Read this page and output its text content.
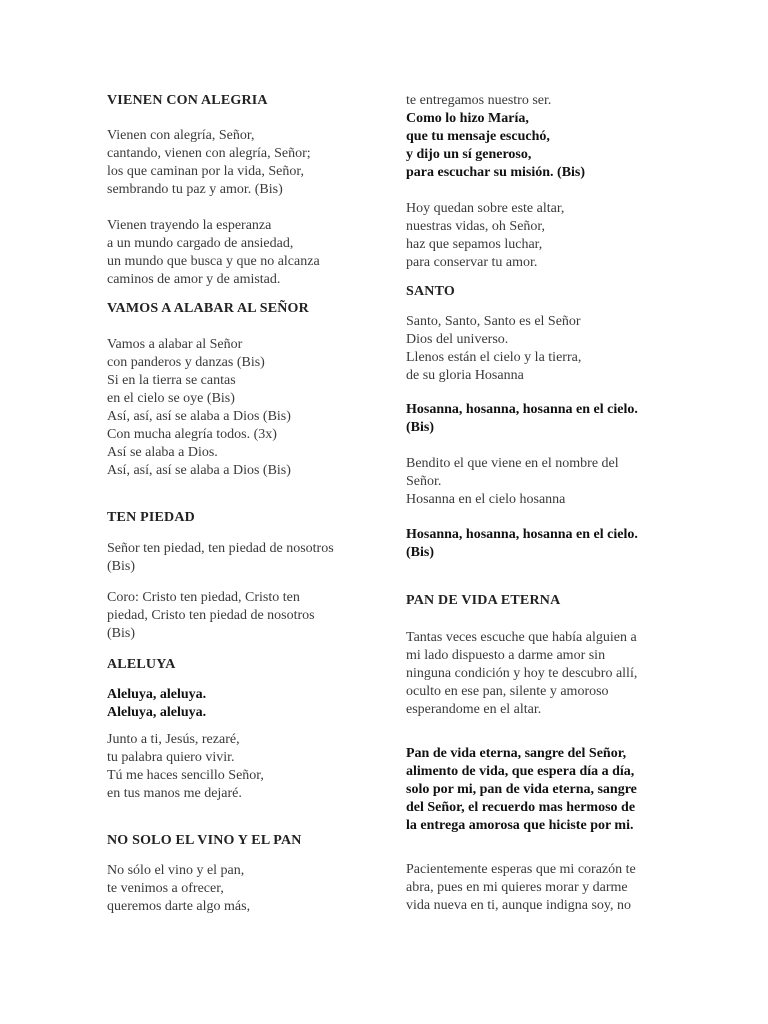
VIENEN CON ALEGRIA
Vienen con alegría, Señor,
cantando, vienen con alegría, Señor;
los que caminan por la vida, Señor,
sembrando tu paz y amor. (Bis)
Vienen trayendo la esperanza
a un mundo cargado de ansiedad,
un mundo que busca y que no alcanza
caminos de amor y de amistad.
VAMOS A ALABAR AL SEÑOR
Vamos a alabar al Señor
con panderos y danzas (Bis)
Si en la tierra se cantas
en el cielo se oye (Bis)
Así, así, así se alaba a Dios (Bis)
Con mucha alegría todos. (3x)
Así se alaba a Dios.
Así, así, así se alaba a Dios (Bis)
TEN PIEDAD
Señor ten piedad, ten piedad de nosotros
(Bis)
Coro: Cristo ten piedad, Cristo ten
piedad, Cristo ten piedad de nosotros
(Bis)
ALELUYA
Aleluya, aleluya.
Aleluya, aleluya.
Junto a ti, Jesús, rezaré,
tu palabra quiero vivir.
Tú me haces sencillo Señor,
en tus manos me dejaré.
NO SOLO EL VINO Y EL PAN
No sólo el vino y el pan,
te venimos a ofrecer,
queremos darte algo más,
te entregamos nuestro ser.
Como lo hizo María,
que tu mensaje escuchó,
y dijo un sí generoso,
para escuchar su misión. (Bis)
Hoy quedan sobre este altar,
nuestras vidas, oh Señor,
haz que sepamos luchar,
para conservar tu amor.
SANTO
Santo, Santo, Santo es el Señor
Dios del universo.
Llenos están el cielo y la tierra,
de su gloria Hosanna
Hosanna, hosanna, hosanna en el cielo.
(Bis)
Bendito el que viene en el nombre del
Señor.
Hosanna en el cielo hosanna
Hosanna, hosanna, hosanna en el cielo.
(Bis)
PAN DE VIDA ETERNA
Tantas veces escuche que había alguien a
mi lado dispuesto a darme amor sin
ninguna condición y hoy te descubro allí,
oculto en ese pan, silente y amoroso
esperandome en el altar.
Pan de vida eterna, sangre del Señor,
alimento de vida, que espera día a día,
solo por mi, pan de vida eterna, sangre
del Señor, el recuerdo mas hermoso de
la entrega amorosa que hiciste por mi.
Pacientemente esperas que mi corazón te
abra, pues en mi quieres morar y darme
vida nueva en ti, aunque indigna soy, no
